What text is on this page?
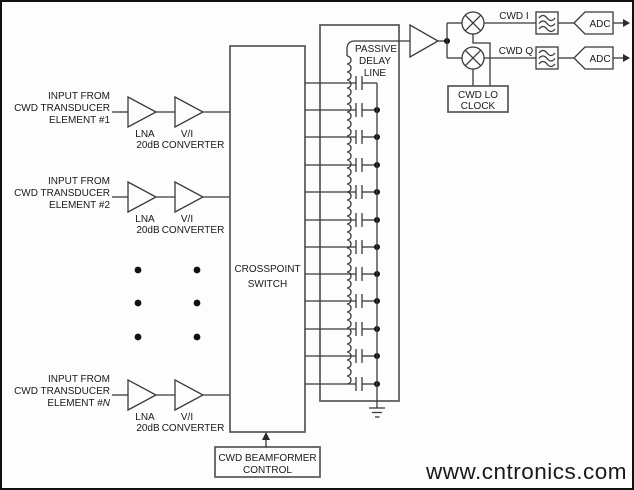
INPUT FROM
CWD TRANSDUCER
ELEMENT #1
LNA
20dB
V/I
CONVERTER
INPUT FROM
CWD TRANSDUCER
ELEMENT #2
LNA
20dB
V/I
CONVERTER
INPUT FROM
CWD TRANSDUCER
ELEMENT #N
LNA
20dB
V/I
CONVERTER
CROSSPOINT
SWITCH
PASSIVE
DELAY
LINE
CWD LO
CLOCK
CWD I
ADC
CWD Q
ADC
CWD BEAMFORMER
CONTROL	www.cntronics.com
